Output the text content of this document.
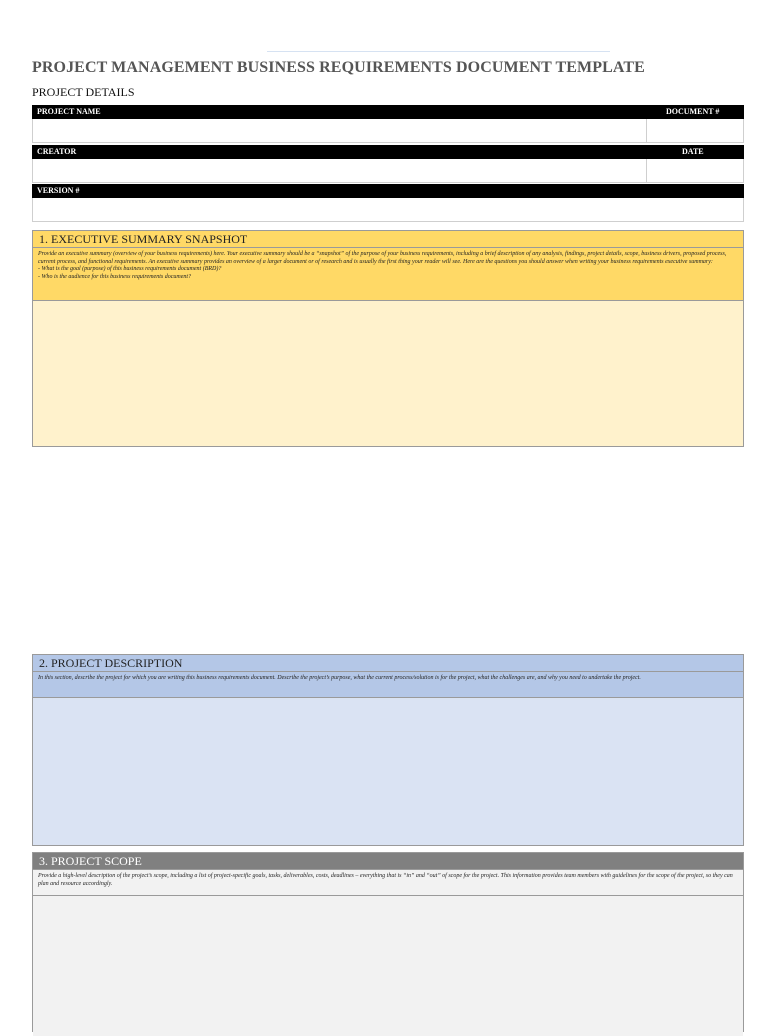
PROJECT MANAGEMENT BUSINESS REQUIREMENTS DOCUMENT TEMPLATE
PROJECT DETAILS
PROJECT NAME	DOCUMENT #
CREATOR	DATE
VERSION #
1. EXECUTIVE SUMMARY SNAPSHOT
Provide an executive summary (overview of your business requirements) here. Your executive summary should be a “snapshot” of the purpose of your business requirements, including a brief description of any analysis, findings, project details, scope, business drivers, proposed process, current process, and functional requirements. An executive summary provides an overview of a larger document or of research and is usually the first thing your reader will see. Here are the questions you should answer when writing your business requirements executive summary:
- What is the goal (purpose) of this business requirements document (BRD)?
- Who is the audience for this business requirements document?
2. PROJECT DESCRIPTION
In this section, describe the project for which you are writing this business requirements document. Describe the project’s purpose, what the current process/solution is for the project, what the challenges are, and why you need to undertake the project.
3. PROJECT SCOPE
Provide a high-level description of the project’s scope, including a list of project-specific goals, tasks, deliverables, costs, deadlines – everything that is “in” and “out” of scope for the project. This information provides team members with guidelines for the scope of the project, so they can plan and resource accordingly.
